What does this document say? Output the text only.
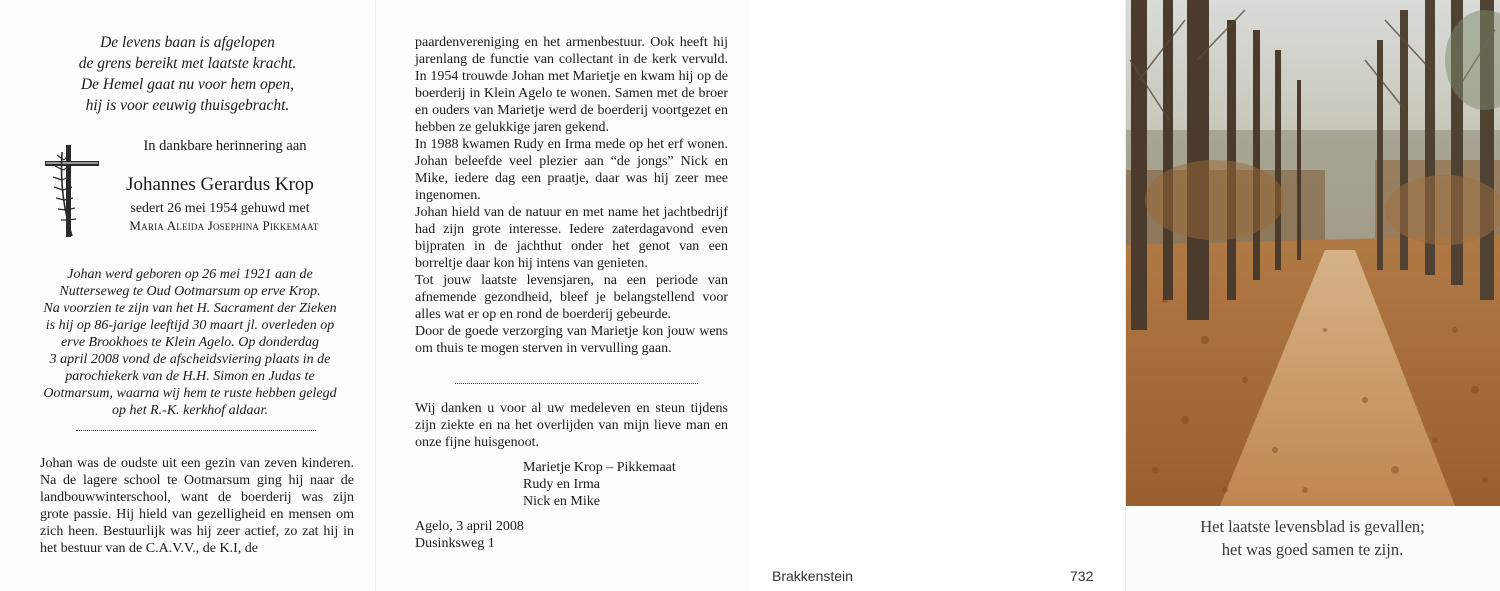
De levens baan is afgelopen
de grens bereikt met laatste kracht.
De Hemel gaat nu voor hem open,
hij is voor eeuwig thuisgebracht.
In dankbare herinnering aan
Johannes Gerardus Krop
sedert 26 mei 1954 gehuwd met
Maria Aleida Josephina Pikkemaat
Johan werd geboren op 26 mei 1921 aan de
Nutterseweg te Oud Ootmarsum op erve Krop.
Na voorzien te zijn van het H. Sacrament der Zieken
is hij op 86-jarige leeftijd 30 maart jl. overleden op
erve Brookhoes te Klein Agelo. Op donderdag
3 april 2008 vond de afscheidsviering plaats in de
parochiekerk van de H.H. Simon en Judas te
Ootmarsum, waarna wij hem te ruste hebben gelegd
op het R.-K. kerkhof aldaar.
Johan was de oudste uit een gezin van zeven kinderen. Na de lagere school te Ootmarsum ging hij naar de landbouwwinterschool, want de boerderij was zijn grote passie. Hij hield van gezelligheid en mensen om zich heen. Bestuurlijk was hij zeer actief, zo zat hij in het bestuur van de C.A.V.V., de K.I, de
paardenvereniging en het armenbestuur. Ook heeft hij jarenlang de functie van collectant in de kerk vervuld. In 1954 trouwde Johan met Marietje en kwam hij op de boerderij in Klein Agelo te wonen. Samen met de broer en ouders van Marietje werd de boerderij voortgezet en hebben ze gelukkige jaren gekend.
In 1988 kwamen Rudy en Irma mede op het erf wonen. Johan beleefde veel plezier aan “de jongs” Nick en Mike, iedere dag een praatje, daar was hij zeer mee ingenomen.
Johan hield van de natuur en met name het jachtbedrijf had zijn grote interesse. Iedere zaterdagavond even bijpraten in de jachthut onder het genot van een borreltje daar kon hij intens van genieten.
Tot jouw laatste levensjaren, na een periode van afnemende gezondheid, bleef je belangstellend voor alles wat er op en rond de boerderij gebeurde.
Door de goede verzorging van Marietje kon jouw wens om thuis te mogen sterven in vervulling gaan.
Wij danken u voor al uw medeleven en steun tijdens zijn ziekte en na het overlijden van mijn lieve man en onze fijne huisgenoot.
Marietje Krop – Pikkemaat
Rudy en Irma
Nick en Mike
Agelo, 3 april 2008
Dusinksweg 1
Brakkenstein	732
Het laatste levensblad is gevallen;
het was goed samen te zijn.
